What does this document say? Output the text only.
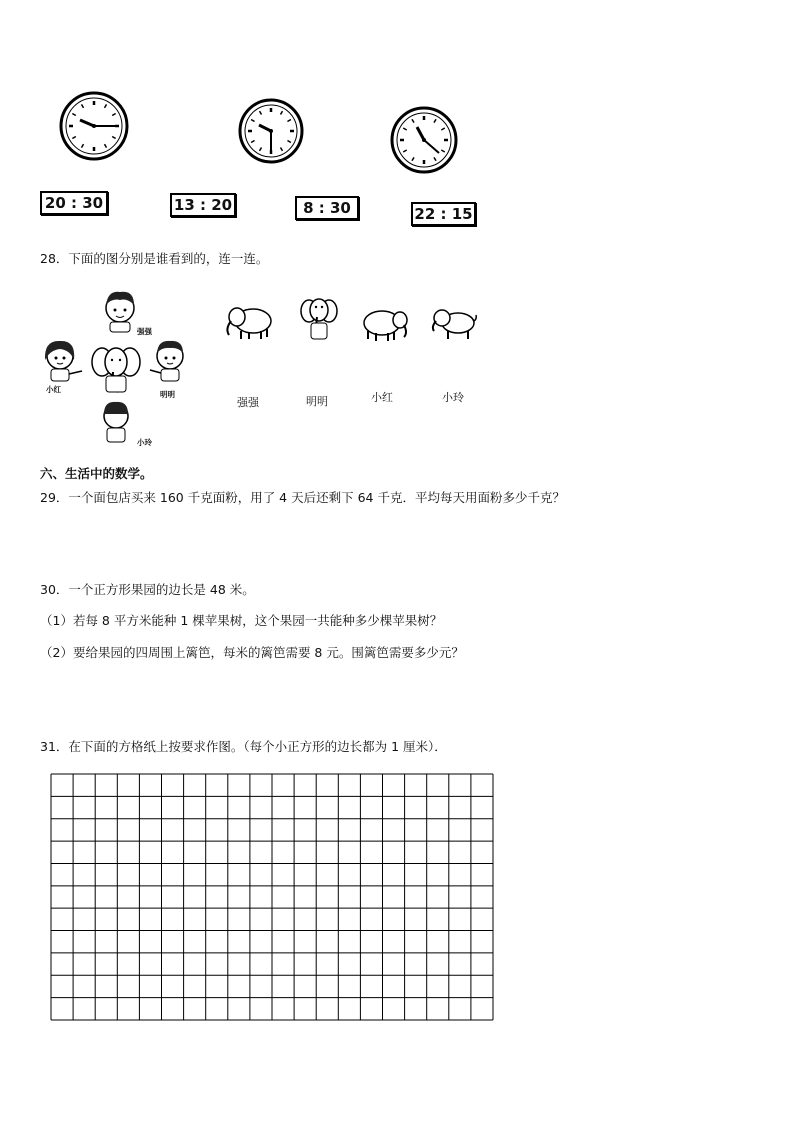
20 : 30	13 : 20	8 : 30	22 : 15
28．下面的图分别是谁看到的，连一连。
强强
小红
明明
小玲
强强	明明	小红	小玲
六、生活中的数学。
29．一个面包店买来 160 千克面粉，用了 4 天后还剩下 64 千克．平均每天用面粉多少千克？
30．一个正方形果园的边长是 48 米。
（1）若每 8 平方米能种 1 棵苹果树，这个果园一共能种多少棵苹果树？
（2）要给果园的四周围上篱笆，每米的篱笆需要 8 元。围篱笆需要多少元？
31．在下面的方格纸上按要求作图。（每个小正方形的边长都为 1 厘米）．
